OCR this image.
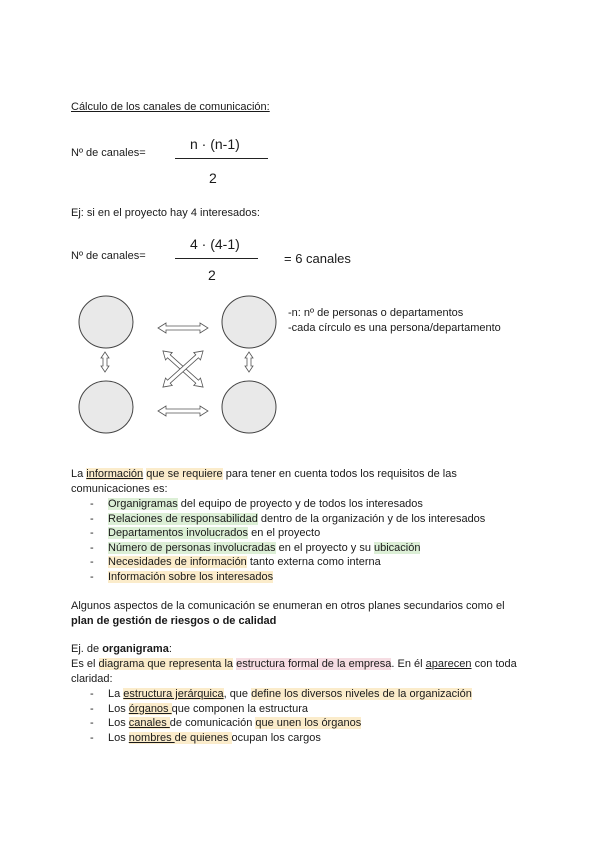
Cálculo de los canales de comunicación:
Nº de canales=
n · (n-1)
2
Ej: si en el proyecto hay 4 interesados:
Nº de canales=
4 · (4-1)
2
= 6 canales
-n: nº de personas o departamentos
-cada círculo es una persona/departamento
La información que se requiere para tener en cuenta todos los requisitos de las
comunicaciones es:
- Organigramas del equipo de proyecto y de todos los interesados
- Relaciones de responsabilidad dentro de la organización y de los interesados
- Departamentos involucrados en el proyecto
- Número de personas involucradas en el proyecto y su ubicación
- Necesidades de información tanto externa como interna
- Información sobre los interesados
Algunos aspectos de la comunicación se enumeran en otros planes secundarios como el
plan de gestión de riesgos o de calidad
Ej. de organigrama:
Es el diagrama que representa la estructura formal de la empresa. En él aparecen con toda
claridad:
- La estructura jerárquica, que define los diversos niveles de la organización
- Los órganos que componen la estructura
- Los canales de comunicación que unen los órganos
- Los nombres de quienes ocupan los cargos
